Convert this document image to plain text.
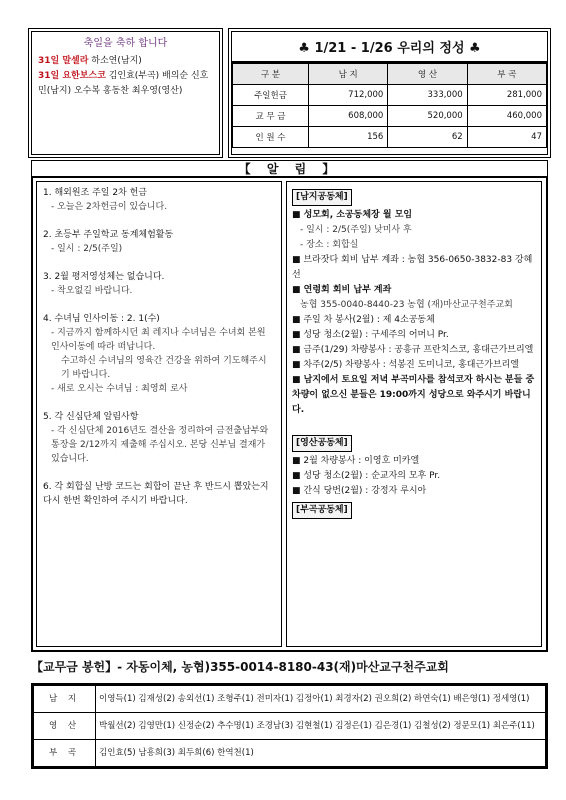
축일을 축하 합니다
31일 말셀라 하소연(남지)
31일 요한보스코 김인효(부곡) 배의순 신호민(남지) 오수복 홍동찬 최우영(영산)
♣ 1/21 - 1/26 우리의 정성 ♣
구 분	남 지	영 산	부 곡
주일헌금	712,000	333,000	281,000
교 무 금	608,000	520,000	460,000
인 원 수	156	62	47
【 알 림 】
1. 해외원조 주일 2차 헌금
- 오늘은 2차헌금이 있습니다.
2. 초등부 주일학교 동계체험활동
- 일시 : 2/5(주일)
3. 2월 평저영성체는 없습니다.
- 착오없길 바랍니다.
4. 수녀님 인사이동 : 2. 1(수)
- 지금까지 함께하시던 최 레지나 수녀님은 수녀회 본원 인사이동에 따라 떠납니다.
수고하신 수녀님의 영육간 건강을 위하여 기도해주시기 바랍니다.
- 새로 오시는 수녀님 : 최영희 로사
5. 각 신심단체 알림사항
- 각 신심단체 2016년도 결산을 정리하여 금전출납부와 통장을 2/12까지 제출해 주십시오. 본당 신부님 결재가 있습니다.
6. 각 회합실 난방 코드는 회합이 끝난 후 반드시 뽑았는지 다시 한번 확인하여 주시기 바랍니다.
[남지공동체]
■ 성모회, 소공동체장 월 모임
- 일시 : 2/5(주일) 낮미사 후
- 장소 : 회합실
■ 브라잣다 회비 납부 계좌 : 농협 356-0650-3832-83 강혜선
■ 연령회 회비 납부 계좌
농협 355-0040-8440-23 농협 (재)마산교구천주교회
■ 주일 차 봉사(2월) : 제 4소공동체
■ 성당 청소(2월) : 구세주의 어머니 Pr.
■ 금주(1/29) 차량봉사 : 공흥규 프란치스코, 홍대근가브리엘
■ 차주(2/5) 차량봉사 : 석봉진 도미니코, 홍대근가브리엘
■ 남지에서 토요일 저녁 부곡미사를 참석코자 하시는 분들 중 차량이 없으신 분들은 19:00까지 성당으로 와주시기 바랍니다.
[영산공동체]
■ 2월 차량봉사 : 이영호 미카엘
■ 성당 청소(2월) : 순교자의 모후 Pr.
■ 간식 당번(2월) : 강정자 루시아
[부곡공동체]
【교무금 봉헌】- 자동이체, 농협)355-0014-8180-43(재)마산교구천주교회
남 지	이영득(1) 김재성(2) 송외선(1) 조형주(1) 전미자(1) 김정아(1) 최경자(2) 권오희(2) 하연숙(1) 배은영(1) 정세영(1)
영 산	박월선(2) 김영만(1) 신정순(2) 추수명(1) 조경남(3) 김현철(1) 김정은(1) 김은경(1) 김철성(2) 정문모(1) 최은주(11)
부 곡	김인효(5) 남흥희(3) 최두희(6) 한역천(1)
